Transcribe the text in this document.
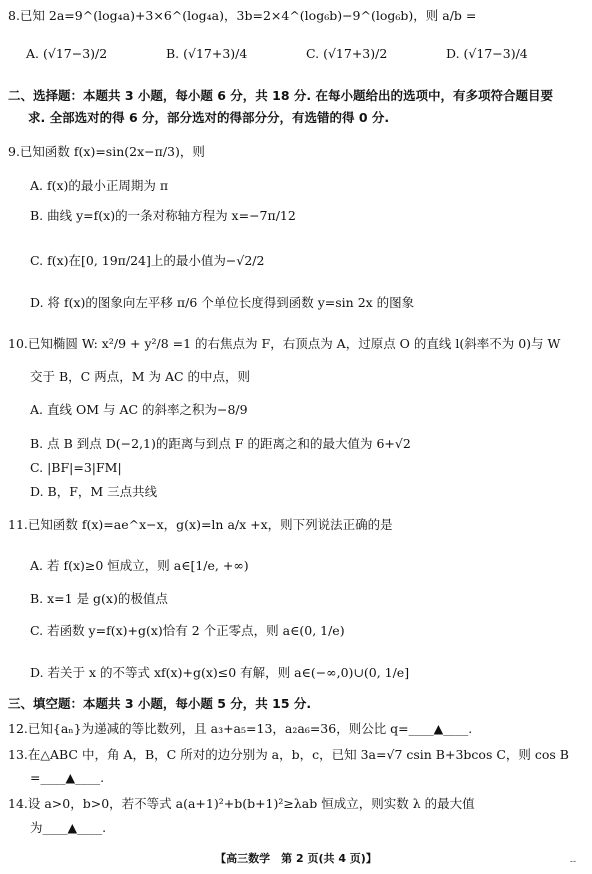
8.已知 2a=9^(log₄a)+3×6^(log₄a)，3b=2×4^(log₆b)−9^(log₆b)，则 a/b =
A. (√17−3)/2	B. (√17+3)/4	C. (√17+3)/2	D. (√17−3)/4
二、选择题：本题共 3 小题，每小题 6 分，共 18 分. 在每小题给出的选项中，有多项符合题目要
求. 全部选对的得 6 分，部分选对的得部分分，有选错的得 0 分.
9.已知函数 f(x)=sin(2x−π/3)，则
A. f(x)的最小正周期为 π
B. 曲线 y=f(x)的一条对称轴方程为 x=−7π/12
C. f(x)在[0, 19π/24]上的最小值为−√2/2
D. 将 f(x)的图象向左平移 π/6 个单位长度得到函数 y=sin 2x 的图象
10.已知椭圆 W: x²/9 + y²/8 =1 的右焦点为 F，右顶点为 A，过原点 O 的直线 l(斜率不为 0)与 W
交于 B，C 两点，M 为 AC 的中点，则
A. 直线 OM 与 AC 的斜率之积为−8/9
B. 点 B 到点 D(−2,1)的距离与到点 F 的距离之和的最大值为 6+√2
C. |BF|=3|FM|
D. B，F，M 三点共线
11.已知函数 f(x)=ae^x−x，g(x)=ln a/x +x，则下列说法正确的是
A. 若 f(x)≥0 恒成立，则 a∈[1/e, +∞)
B. x=1 是 g(x)的极值点
C. 若函数 y=f(x)+g(x)恰有 2 个正零点，则 a∈(0, 1/e)
D. 若关于 x 的不等式 xf(x)+g(x)≤0 有解，则 a∈(−∞,0)∪(0, 1/e]
三、填空题：本题共 3 小题，每小题 5 分，共 15 分.
12.已知{aₙ}为递减的等比数列，且 a₃+a₅=13，a₂a₆=36，则公比 q=____▲____.
13.在△ABC 中，角 A，B，C 所对的边分别为 a，b，c，已知 3a=√7 csin B+3bcos C，则 cos B
=____▲____.
14.设 a>0，b>0，若不等式 a(a+1)²+b(b+1)²≥λab 恒成立，则实数 λ 的最大值
为____▲____.
【高三数学　第 2 页(共 4 页)】	--
